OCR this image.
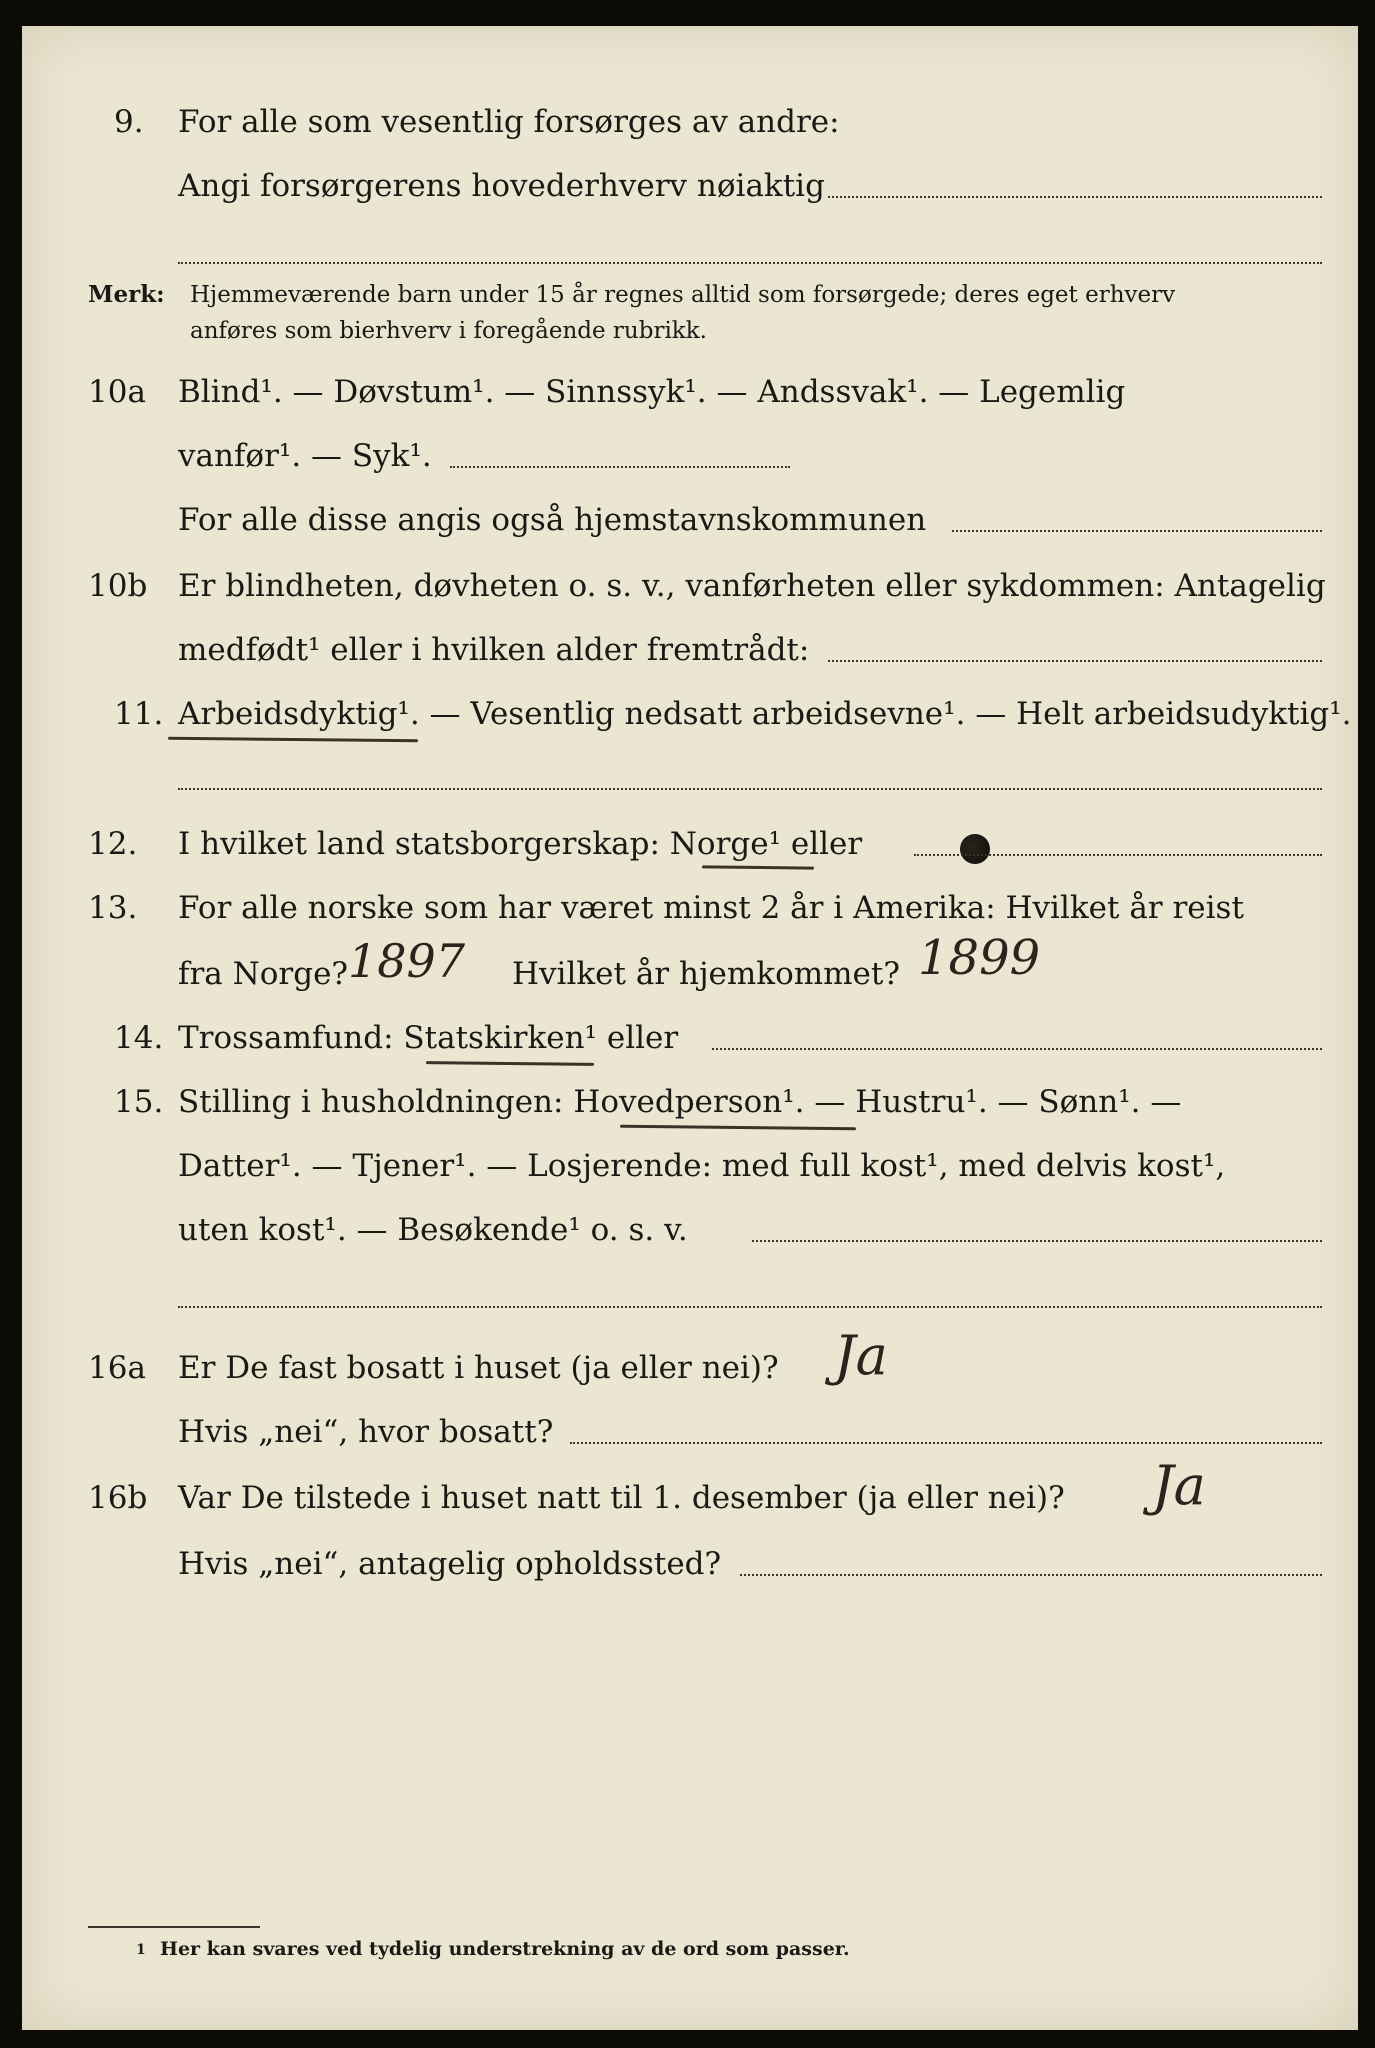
9. For alle som vesentlig forsørges av andre:
Angi forsørgerens hovederhverv nøiaktig
Merk: Hjemmeværende barn under 15 år regnes alltid som forsørgede; deres eget erhverv
anføres som bierhverv i foregående rubrikk.
10a Blind¹. — Døvstum¹. — Sinnssyk¹. — Andssvak¹. — Legemlig
vanfør¹. — Syk¹.
For alle disse angis også hjemstavnskommunen
10b Er blindheten, døvheten o. s. v., vanførheten eller sykdommen: Antagelig
medfødt¹ eller i hvilken alder fremtrådt:
11. Arbeidsdyktig¹. — Vesentlig nedsatt arbeidsevne¹. — Helt arbeidsudyktig¹.
12. I hvilket land statsborgerskap: Norge¹ eller
13. For alle norske som har været minst 2 år i Amerika: Hvilket år reist
fra Norge? 1897 Hvilket år hjemkommet? 1899
14. Trossamfund: Statskirken¹ eller
15. Stilling i husholdningen: Hovedperson¹. — Hustru¹. — Sønn¹. —
Datter¹. — Tjener¹. — Losjerende: med full kost¹, med delvis kost¹,
uten kost¹. — Besøkende¹ o. s. v.
16a Er De fast bosatt i huset (ja eller nei)? Ja
Hvis „nei“, hvor bosatt?
16b Var De tilstede i huset natt til 1. desember (ja eller nei)? Ja
Hvis „nei“, antagelig opholdssted?
1 Her kan svares ved tydelig understrekning av de ord som passer.
